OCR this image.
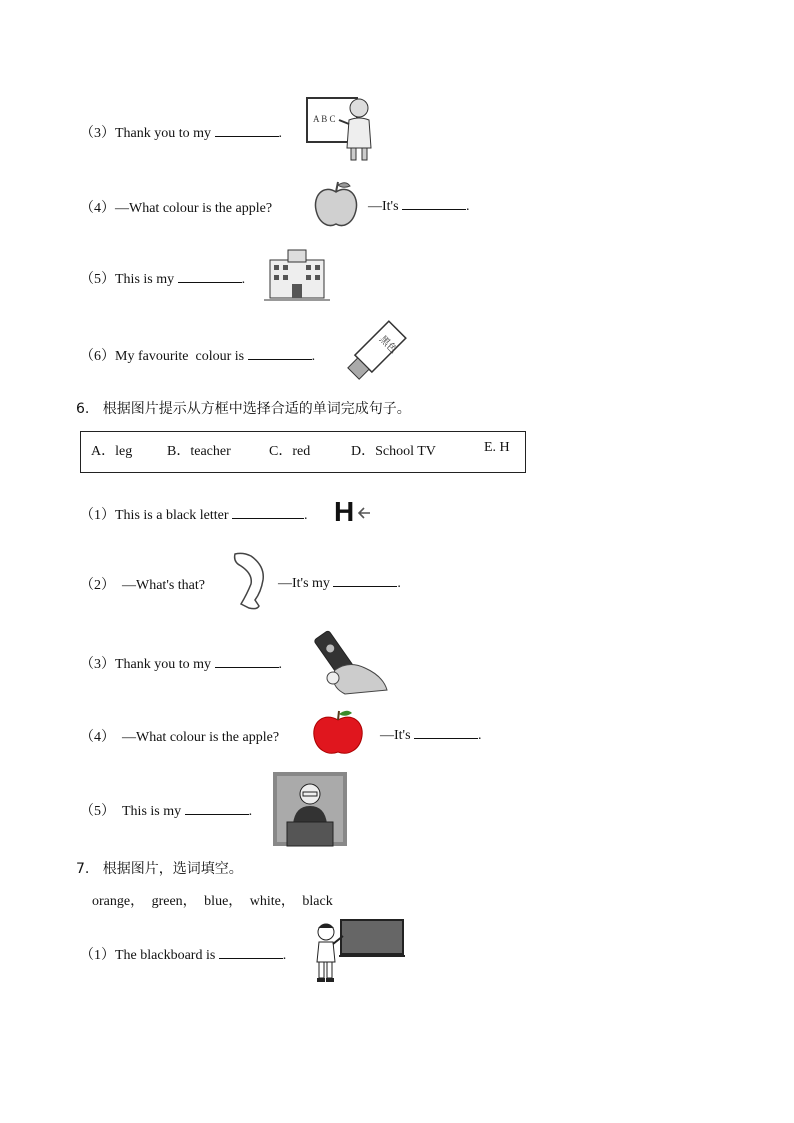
（3）Thank you to my	.
A B C
（4）—What colour is the apple?	—It's	.
（5）This is my	.
（6）My favourite  colour is	.
黑色
6. 根据图片提示从方框中选择合适的单词完成句子。
A．leg B．teacher	C．red	D．School TV	E. H
（1）This is a black letter	. H
（2） —What's that?	—It's my	.
（3）Thank you to my	.
（4） —What colour is the apple?	—It's	.
（5） This is my	.
7. 根据图片，选词填空。
orange， green， blue， white， black
（1）The blackboard is	.
